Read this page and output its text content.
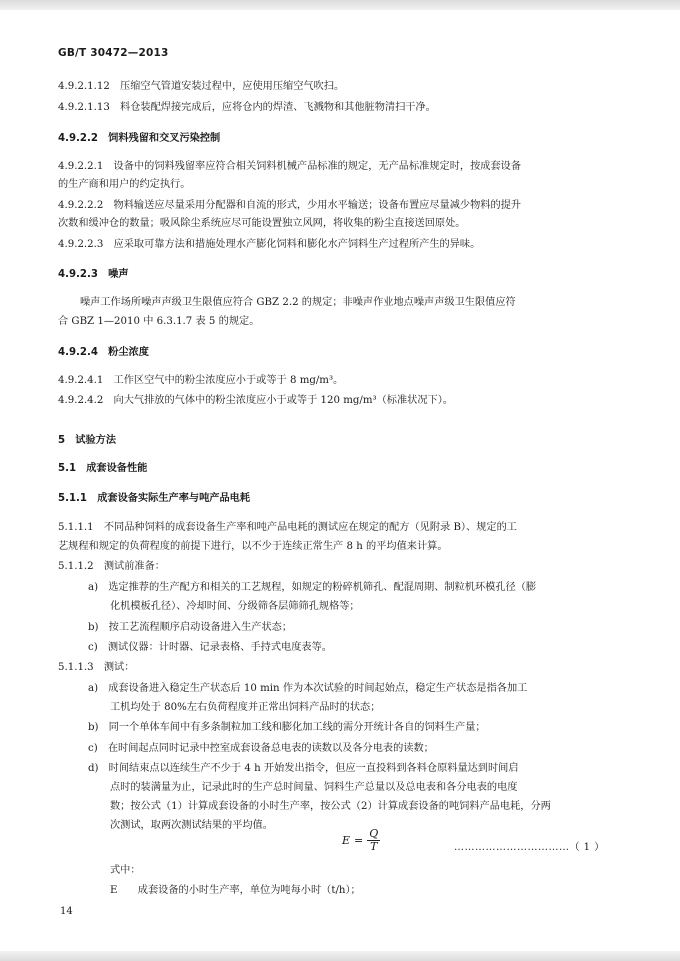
GB/T 30472—2013
4.9.2.1.12　压缩空气管道安装过程中，应使用压缩空气吹扫。
4.9.2.1.13　料仓装配焊接完成后，应将仓内的焊渣、飞溅物和其他脏物清扫干净。
4.9.2.2　饲料残留和交叉污染控制
4.9.2.2.1　设备中的饲料残留率应符合相关饲料机械产品标准的规定，无产品标准规定时，按成套设备
的生产商和用户的约定执行。
4.9.2.2.2　物料输送应尽量采用分配器和自流的形式，少用水平输送；设备布置应尽量减少物料的提升
次数和缓冲仓的数量；吸风除尘系统应尽可能设置独立风网，将收集的粉尘直接送回原处。
4.9.2.2.3　应采取可靠方法和措施处理水产膨化饲料和膨化水产饲料生产过程所产生的异味。
4.9.2.3　噪声
噪声工作场所噪声声级卫生限值应符合 GBZ 2.2 的规定；非噪声作业地点噪声声级卫生限值应符
合 GBZ 1—2010 中 6.3.1.7 表 5 的规定。
4.9.2.4　粉尘浓度
4.9.2.4.1　工作区空气中的粉尘浓度应小于或等于 8 mg/m³。
4.9.2.4.2　向大气排放的气体中的粉尘浓度应小于或等于 120 mg/m³（标准状况下）。
5　试验方法
5.1　成套设备性能
5.1.1　成套设备实际生产率与吨产品电耗
5.1.1.1　不同品种饲料的成套设备生产率和吨产品电耗的测试应在规定的配方（见附录 B）、规定的工
艺规程和规定的负荷程度的前提下进行，以不少于连续正常生产 8 h 的平均值来计算。
5.1.1.2　测试前准备：
a)　选定推荐的生产配方和相关的工艺规程，如规定的粉碎机筛孔、配混周期、制粒机环模孔径（膨
化机模板孔径）、冷却时间、分级筛各层筛筛孔规格等；
b)　按工艺流程顺序启动设备进入生产状态；
c)　测试仪器：计时器、记录表格、手持式电度表等。
5.1.1.3　测试：
a)　成套设备进入稳定生产状态后 10 min 作为本次试验的时间起始点，稳定生产状态是指各加工
工机均处于 80%左右负荷程度并正常出饲料产品时的状态；
b)　同一个单体车间中有多条制粒加工线和膨化加工线的需分开统计各自的饲料生产量；
c)　在时间起点同时记录中控室成套设备总电表的读数以及各分电表的读数；
d)　时间结束点以连续生产不少于 4 h 开始发出指令，但应一直投料到各料仓原料量达到时间启
点时的装满量为止，记录此时的生产总时间量、饲料生产总量以及总电表和各分电表的电度
数；按公式（1）计算成套设备的小时生产率，按公式（2）计算成套设备的吨饲料产品电耗，分两
次测试，取两次测试结果的平均值。
$E = \frac{Q}{T}$	……………………………（ 1 ）
式中：
E　　成套设备的小时生产率，单位为吨每小时（t/h）；
14
